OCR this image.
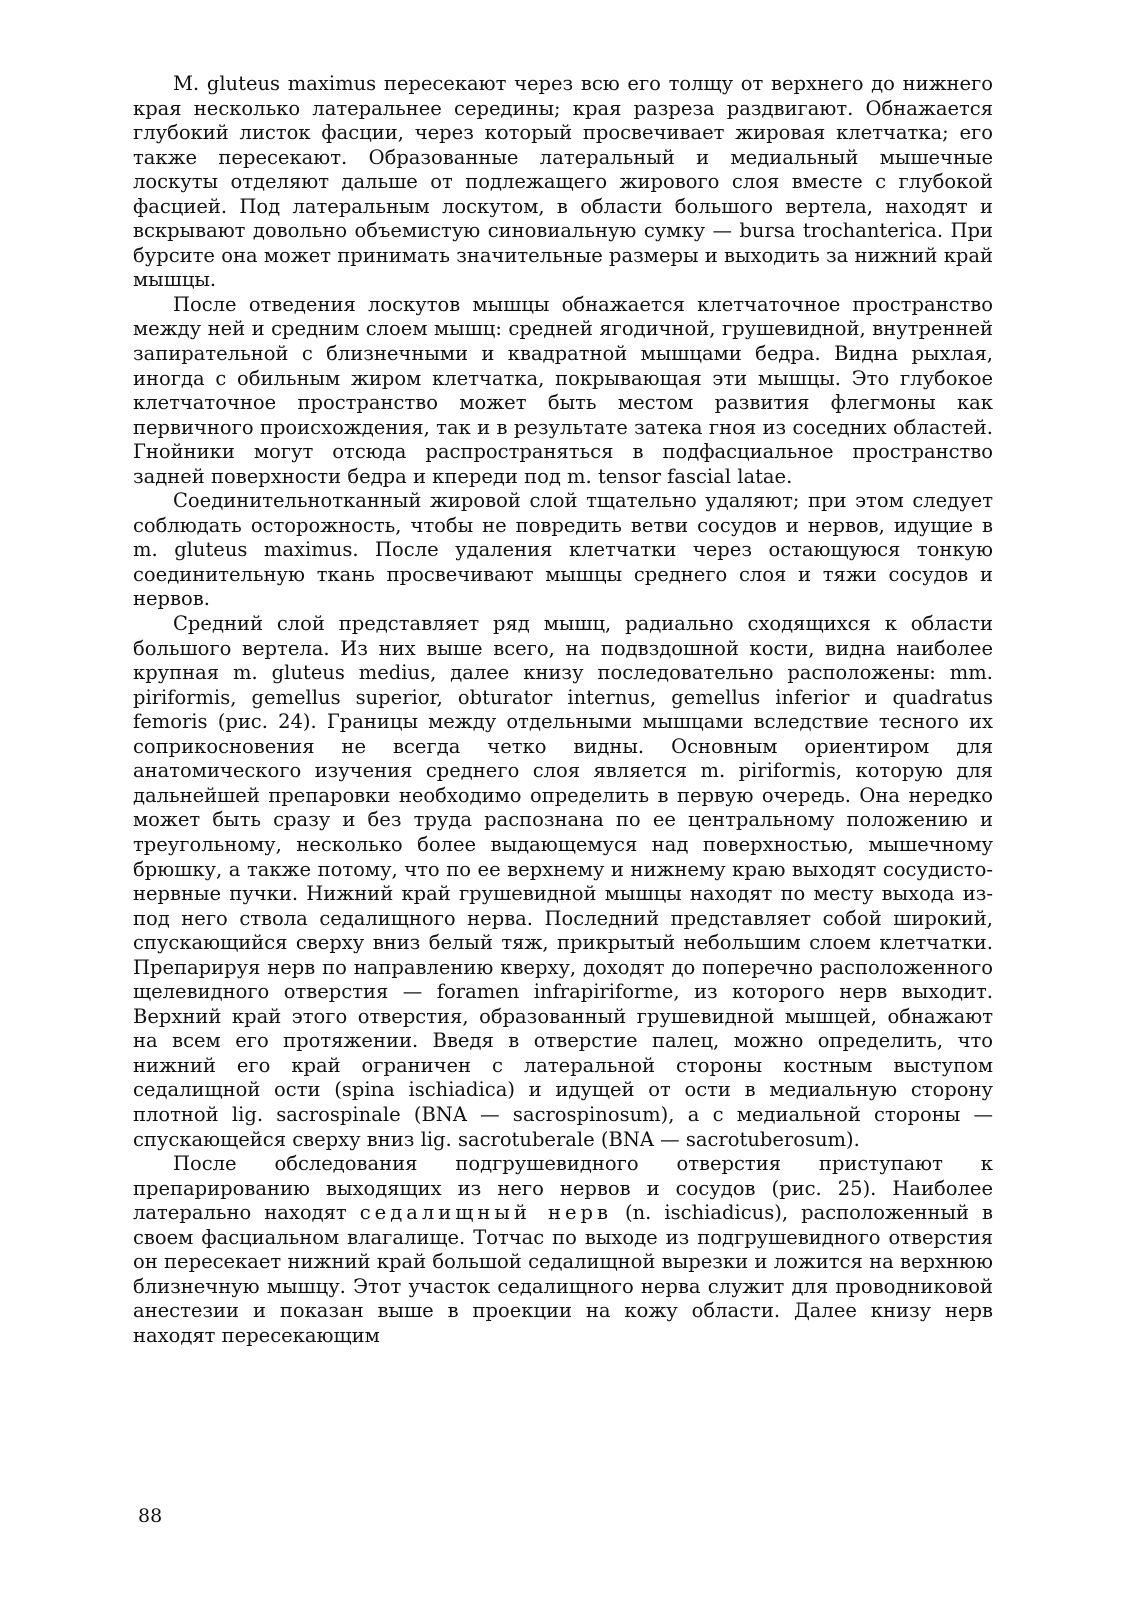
M. gluteus maximus пересекают через всю его толщу от верхнего до нижнего края несколько латеральнее середины; края разреза раздвигают. Обнажается глубокий листок фасции, через который просвечивает жировая клетчатка; его также пересекают. Образованные латеральный и медиальный мышечные лоскуты отделяют дальше от подлежащего жирового слоя вместе с глубокой фасцией. Под латеральным лоскутом, в области большого вертела, находят и вскрывают довольно объемистую синовиальную сумку — bursa trochanterica. При бурсите она может принимать значительные размеры и выходить за нижний край мышцы.

После отведения лоскутов мышцы обнажается клетчаточное пространство между ней и средним слоем мышц: средней ягодичной, грушевидной, внутренней запирательной с близнечными и квадратной мышцами бедра. Видна рыхлая, иногда с обильным жиром клетчатка, покрывающая эти мышцы. Это глубокое клетчаточное пространство может быть местом развития флегмоны как первичного происхождения, так и в результате затека гноя из соседних областей. Гнойники могут отсюда распространяться в подфасциальное пространство задней поверхности бедра и кпереди под m. tensor fascial latae.

Соединительнотканный жировой слой тщательно удаляют; при этом следует соблюдать осторожность, чтобы не повредить ветви сосудов и нервов, идущие в m. gluteus maximus. После удаления клетчатки через остающуюся тонкую соединительную ткань просвечивают мышцы среднего слоя и тяжи сосудов и нервов.

Средний слой представляет ряд мышц, радиально сходящихся к области большого вертела. Из них выше всего, на подвздошной кости, видна наиболее крупная m. gluteus medius, далее книзу последовательно расположены: mm. piriformis, gemellus superior, obturator internus, gemellus inferior и quadratus femoris (рис. 24). Границы между отдельными мышцами вследствие тесного их соприкосновения не всегда четко видны. Основным ориентиром для анатомического изучения среднего слоя является m. piriformis, которую для дальнейшей препаровки необходимо определить в первую очередь. Она нередко может быть сразу и без труда распознана по ее центральному положению и треугольному, несколько более выдающемуся над поверхностью, мышечному брюшку, а также потому, что по ее верхнему и нижнему краю выходят сосудисто-нервные пучки. Нижний край грушевидной мышцы находят по месту выхода из-под него ствола седалищного нерва. Последний представляет собой широкий, спускающийся сверху вниз белый тяж, прикрытый небольшим слоем клетчатки. Препарируя нерв по направлению кверху, доходят до поперечно расположенного щелевидного отверстия — foramen infrapiriforme, из которого нерв выходит. Верхний край этого отверстия, образованный грушевидной мышцей, обнажают на всем его протяжении. Введя в отверстие палец, можно определить, что нижний его край ограничен с латеральной стороны костным выступом седалищной ости (spina ischiadica) и идущей от ости в медиальную сторону плотной lig. sacrospinale (BNA — sacrospinosum), а с медиальной стороны — спускающейся сверху вниз lig. sacrotuberale (BNA — sacrotuberosum).

После обследования подгрушевидного отверстия приступают к препарированию выходящих из него нервов и сосудов (рис. 25). Наиболее латерально находят седалищный нерв (n. ischiadicus), расположенный в своем фасциальном влагалище. Тотчас по выходе из подгрушевидного отверстия он пересекает нижний край большой седалищной вырезки и ложится на верхнюю близнечную мышцу. Этот участок седалищного нерва служит для проводниковой анестезии и показан выше в проекции на кожу области. Далее книзу нерв находят пересекающим

88
